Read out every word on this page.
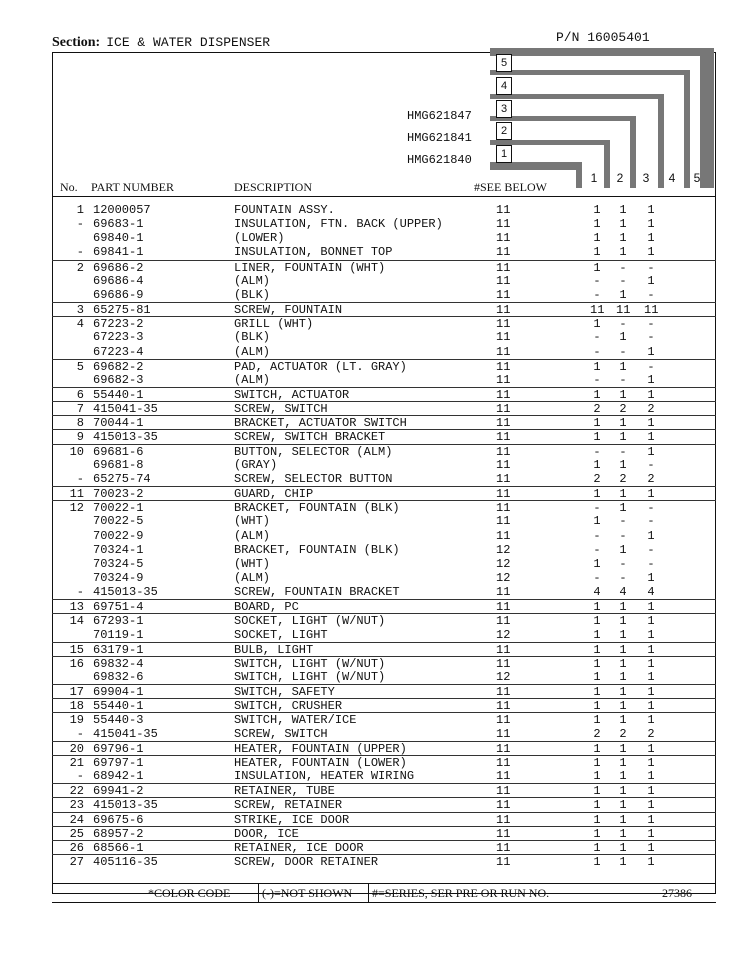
Section: ICE & WATER DISPENSER	P/N 16005401
HMG621847
HMG621841
HMG621840
5
4
3
2
1
No. PART NUMBER	DESCRIPTION	#SEE BELOW
1	2	3	4	5
1 12000057	FOUNTAIN ASSY.	11	1 1 1
- 69683-1	INSULATION, FTN. BACK (UPPER)	11	1 1 1
69840-1	(LOWER)	11	1 1 1
- 69841-1	INSULATION, BONNET TOP	11	1 1 1
2 69686-2	LINER, FOUNTAIN (WHT)	11	1 - -
69686-4	(ALM)	11	- - 1
69686-9	(BLK)	11	- 1 -
3 65275-81	SCREW, FOUNTAIN	11	11 11 11
4 67223-2	GRILL (WHT)	11	1 - -
67223-3	(BLK)	11	- 1 -
67223-4	(ALM)	11	- - 1
5 69682-2	PAD, ACTUATOR (LT. GRAY)	11	1 1 -
69682-3	(ALM)	11	- - 1
6 55440-1	SWITCH, ACTUATOR	11	1 1 1
7 415041-35	SCREW, SWITCH	11	2 2 2
8 70044-1	BRACKET, ACTUATOR SWITCH	11	1 1 1
9 415013-35	SCREW, SWITCH BRACKET	11	1 1 1
10 69681-6	BUTTON, SELECTOR (ALM)	11	- - 1
69681-8	(GRAY)	11	1 1 -
- 65275-74	SCREW, SELECTOR BUTTON	11	2 2 2
11 70023-2	GUARD, CHIP	11	1 1 1
12 70022-1	BRACKET, FOUNTAIN (BLK)	11	- 1 -
70022-5	(WHT)	11	1 - -
70022-9	(ALM)	11	- - 1
70324-1	BRACKET, FOUNTAIN (BLK)	12	- 1 -
70324-5	(WHT)	12	1 - -
70324-9	(ALM)	12	- - 1
- 415013-35	SCREW, FOUNTAIN BRACKET	11	4 4 4
13 69751-4	BOARD, PC	11	1 1 1
14 67293-1	SOCKET, LIGHT (W/NUT)	11	1 1 1
70119-1	SOCKET, LIGHT	12	1 1 1
15 63179-1	BULB, LIGHT	11	1 1 1
16 69832-4	SWITCH, LIGHT (W/NUT)	11	1 1 1
69832-6	SWITCH, LIGHT (W/NUT)	12	1 1 1
17 69904-1	SWITCH, SAFETY	11	1 1 1
18 55440-1	SWITCH, CRUSHER	11	1 1 1
19 55440-3	SWITCH, WATER/ICE	11	1 1 1
- 415041-35	SCREW, SWITCH	11	2 2 2
20 69796-1	HEATER, FOUNTAIN (UPPER)	11	1 1 1
21 69797-1	HEATER, FOUNTAIN (LOWER)	11	1 1 1
- 68942-1	INSULATION, HEATER WIRING	11	1 1 1
22 69941-2	RETAINER, TUBE	11	1 1 1
23 415013-35	SCREW, RETAINER	11	1 1 1
24 69675-6	STRIKE, ICE DOOR	11	1 1 1
25 68957-2	DOOR, ICE	11	1 1 1
26 68566-1	RETAINER, ICE DOOR	11	1 1 1
27 405116-35	SCREW, DOOR RETAINER	11	1 1 1
*COLOR CODE	(-)=NOT SHOWN #=SERIES, SER PRE OR RUN NO.	27386
